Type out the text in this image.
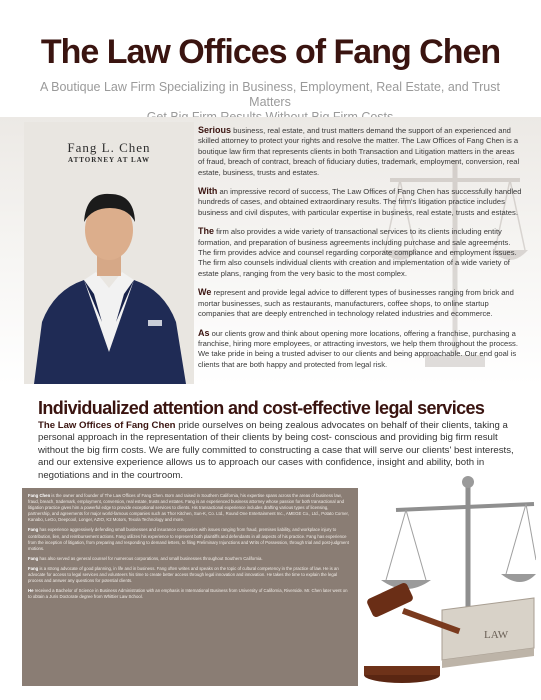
The Law Offices of Fang Chen
A Boutique Law Firm Specializing in Business, Employment, Real Estate, and Trust Matters
Fang L. Chen
ATTORNEY AT LAW

Serious business, real estate, and trust matters demand the support of an experienced and skilled attorney to protect your rights and resolve the matter. The Law Offices of Fang Chen is a boutique law firm that represents clients in both Transaction and Litigation matters in the areas of fraud, breach of contract, breach of fiduciary duties, trademark, employment, conversion, real estate, business, trusts and estates.

With an impressive record of success, The Law Offices of Fang Chen has successfully handled hundreds of cases, and obtained extraordinary results. The firm's litigation practice includes business and civil disputes, with particular expertise in business, real estate, trusts and estates.

The firm also provides a wide variety of transactional services to its clients including entity formation, and preparation of business agreements including purchase and sale agreements. The firm provides advice and counsel regarding corporate compliance and employment issues. The firm also counsels individual clients with creation and implementation of a wide variety of estate plans, ranging from the very basic to the most complex.

We represent and provide legal advice to different types of businesses ranging from brick and mortar businesses, such as restaurants, manufacturers, coffee shops, to online startup companies that are deeply entrenched in technology related industries and ecommerce.

As our clients grow and think about opening more locations, offering a franchise, purchasing a franchise, hiring more employees, or attracting investors, we help them throughout the process. We take pride in being a trusted adviser to our clients and being approachable. Our end goal is clients that are both happy and protected from legal risk.

Individualized attention and cost-effective legal services
The Law Offices of Fang Chen pride ourselves on being zealous advocates on behalf of their clients, taking a personal approach in the representation of their clients by being cost- conscious and providing big firm result without the big firm costs. We are fully committed to constructing a case that will serve our clients' best interests, and our extensive experience allows us to approach our cases with confidence, insight and ability, both in negotiations and in the courtroom.

Fang Chen is the owner and founder of The Law Offices of Fang Chen. Born and raised in Southern California, his expertise spans across the areas of business law, fraud, breach, trademark, employment, conversion, real estate, trusts and estates. Fang is an experienced business attorney whose passion for both transactional and litigation practice gives him a powerful edge to provide exceptional services to clients. His transactional experience includes drafting various types of licensing, partnership, and agreements for major world-famous companies such as Thor Kitchen, Sun-K, Co. Ltd., Round One Entertainment Inc., AMEGE Co., Ltd., Potato Corner, Kanabo, LeGo, Deepcool, Longer, AZIO, K2 Motors, Texola Technology and more.

Fang has experience aggressively defending small businesses and insurance companies with issues ranging from fraud, premises liability, and workplace injury to contribution, lien, and reimbursement actions. Fang utilizes his experience to represent both plaintiffs and defendants in all aspects of his practice. Fang has experience from the inception of litigation, from preparing and responding to demand letters, to filing Preliminary Injunctions and Writs of Possession, through trial and post-judgment motions.

Fang has also served as general counsel for numerous corporations, and small businesses throughout Southern California.

Fang is a strong advocate of good planning, in life and in business. Fang often writes and speaks on the topic of cultural competency in the practice of law. He is an advocate for access to legal services and volunteers his time to create better access through legal innovation and innovation. He takes the time to explain the legal process and answer any questions for potential clients.

He received a Bachelor of Science in Business Administration with an emphasis in International Business from University of California, Riverside. Mr. Chen later went on to obtain a Juris Doctorate degree from Whittier Law School.

LAW
